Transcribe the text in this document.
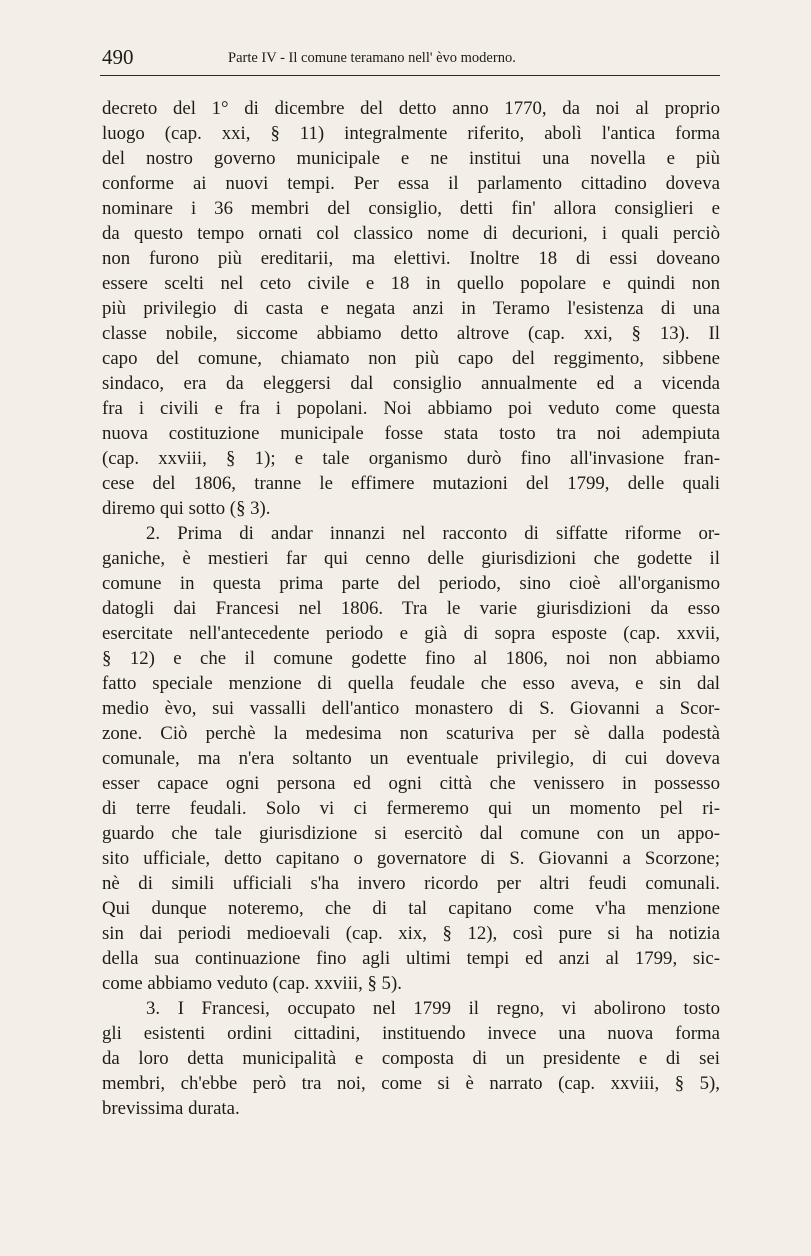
490	Parte IV - Il comune teramano nell' èvo moderno.
decreto del 1° di dicembre del detto anno 1770, da noi al proprio
luogo (cap. xxi, § 11) integralmente riferito, abolì l'antica forma
del nostro governo municipale e ne institui una novella e più
conforme ai nuovi tempi. Per essa il parlamento cittadino doveva
nominare i 36 membri del consiglio, detti fin' allora consiglieri e
da questo tempo ornati col classico nome di decurioni, i quali perciò
non furono più ereditarii, ma elettivi. Inoltre 18 di essi doveano
essere scelti nel ceto civile e 18 in quello popolare e quindi non
più privilegio di casta e negata anzi in Teramo l'esistenza di una
classe nobile, siccome abbiamo detto altrove (cap. xxi, § 13). Il
capo del comune, chiamato non più capo del reggimento, sibbene
sindaco, era da eleggersi dal consiglio annualmente ed a vicenda
fra i civili e fra i popolani. Noi abbiamo poi veduto come questa
nuova costituzione municipale fosse stata tosto tra noi adempiuta
(cap. xxviii, § 1); e tale organismo durò fino all'invasione fran-
cese del 1806, tranne le effimere mutazioni del 1799, delle quali
diremo qui sotto (§ 3).
2. Prima di andar innanzi nel racconto di siffatte riforme or-
ganiche, è mestieri far qui cenno delle giurisdizioni che godette il
comune in questa prima parte del periodo, sino cioè all'organismo
datogli dai Francesi nel 1806. Tra le varie giurisdizioni da esso
esercitate nell'antecedente periodo e già di sopra esposte (cap. xxvii,
§ 12) e che il comune godette fino al 1806, noi non abbiamo
fatto speciale menzione di quella feudale che esso aveva, e sin dal
medio èvo, sui vassalli dell'antico monastero di S. Giovanni a Scor-
zone. Ciò perchè la medesima non scaturiva per sè dalla podestà
comunale, ma n'era soltanto un eventuale privilegio, di cui doveva
esser capace ogni persona ed ogni città che venissero in possesso
di terre feudali. Solo vi ci fermeremo qui un momento pel ri-
guardo che tale giurisdizione si esercitò dal comune con un appo-
sito ufficiale, detto capitano o governatore di S. Giovanni a Scorzone;
nè di simili ufficiali s'ha invero ricordo per altri feudi comunali.
Qui dunque noteremo, che di tal capitano come v'ha menzione
sin dai periodi medioevali (cap. xix, § 12), così pure si ha notizia
della sua continuazione fino agli ultimi tempi ed anzi al 1799, sic-
come abbiamo veduto (cap. xxviii, § 5).
3. I Francesi, occupato nel 1799 il regno, vi abolirono tosto
gli esistenti ordini cittadini, instituendo invece una nuova forma
da loro detta municipalità e composta di un presidente e di sei
membri, ch'ebbe però tra noi, come si è narrato (cap. xxviii, § 5),
brevissima durata.
